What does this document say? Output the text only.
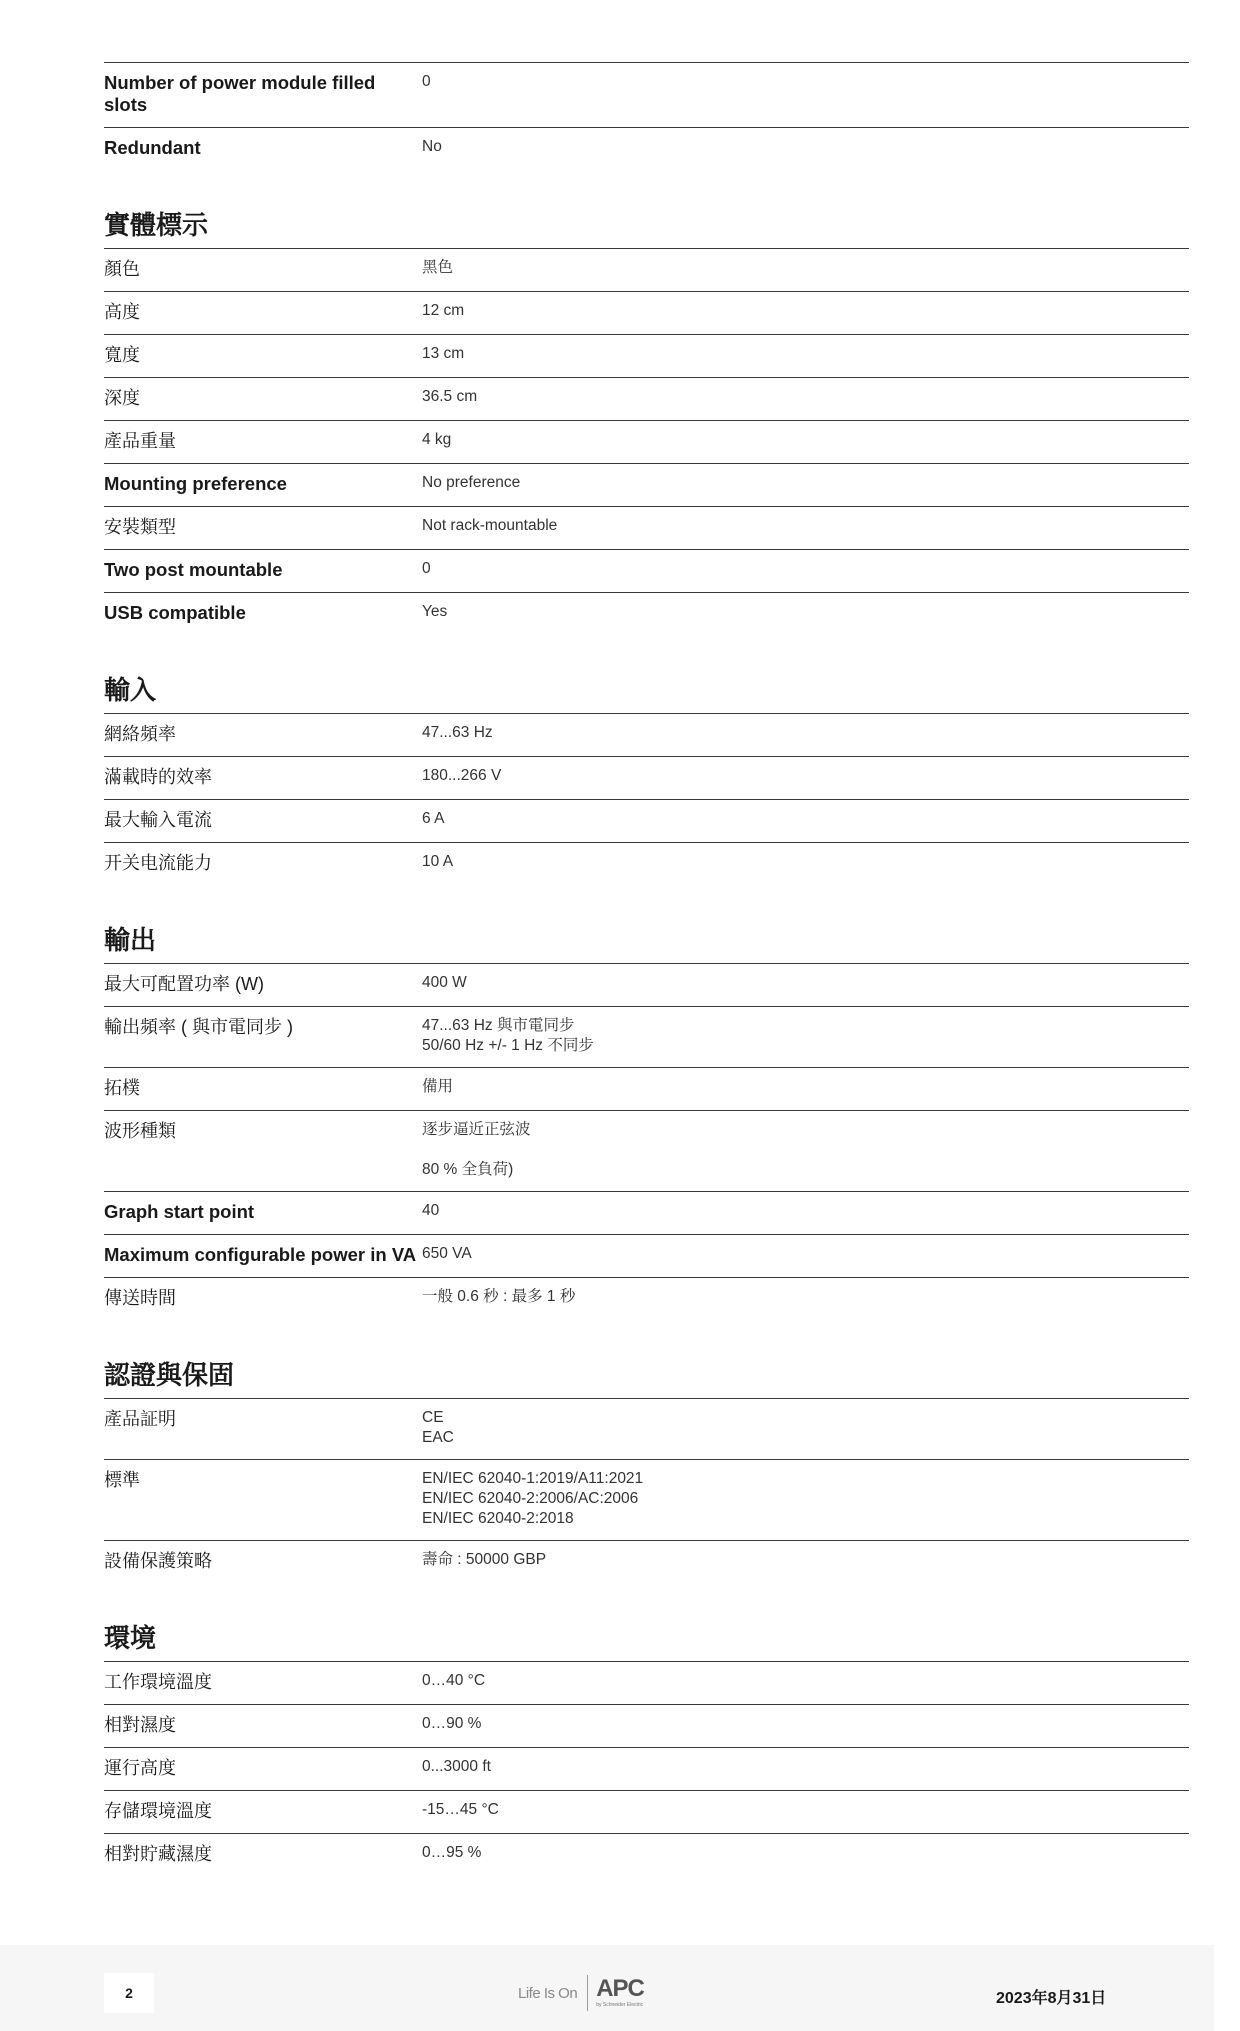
Number of power module filled slots	0

Redundant	No
實體標示
顏色	黑色

高度	12 cm

寬度	13 cm

深度	36.5 cm

產品重量	4 kg

Mounting preference	No preference

安裝類型	Not rack-mountable

Two post mountable	0

USB compatible	Yes
輸入
網絡頻率	47...63 Hz

滿載時的效率	180...266 V

最大輸入電流	6 A

开关电流能力	10 A
輸出
最大可配置功率 (W)	400 W

輸出頻率 ( 與市電同步 )	47...63 Hz 與市電同步
50/60 Hz +/- 1 Hz 不同步

拓樸	備用

波形種類	逐步逼近正弦波
80 % 全負荷)

Graph start point	40

Maximum configurable power in VA	650 VA

傳送時間	一般 0.6 秒 : 最多 1 秒
認證與保固
產品証明	CE
EAC

標準	EN/IEC 62040-1:2019/A11:2021
EN/IEC 62040-2:2006/AC:2006
EN/IEC 62040-2:2018

設備保護策略	壽命 : 50000 GBP
環境
工作環境溫度	0…40 °C

相對濕度	0…90 %

運行高度	0...3000 ft

存儲環境溫度	-15…45 °C

相對貯藏濕度	0…95 %
2	Life Is On APC
by Schneider Electric	2023年8月31日
